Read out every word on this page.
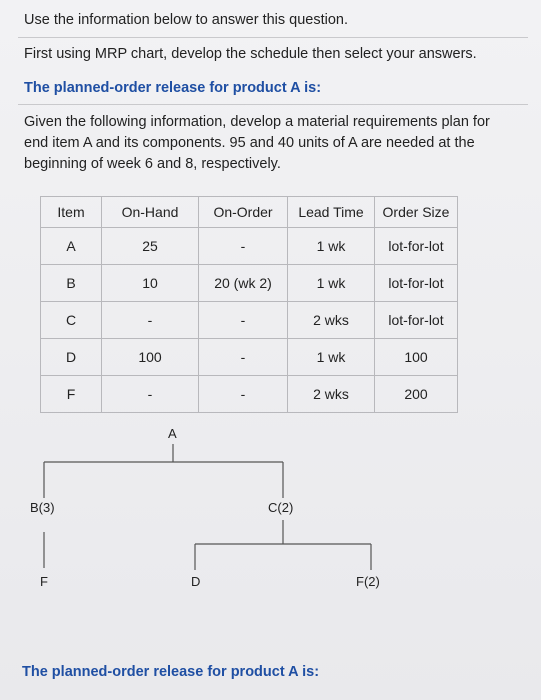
Use the information below to answer this question.
First using MRP chart, develop the schedule then select your answers.
The planned-order release for product A is:
Given the following information, develop a material requirements plan for
end item A and its components. 95 and 40 units of A are needed at the
beginning of week 6 and 8, respectively.
Item	On-Hand	On-Order	Lead Time	Order Size
A	25	-	1 wk	lot-for-lot
B	10	20 (wk 2)	1 wk	lot-for-lot
C	-	-	2 wks	lot-for-lot
D	100	-	1 wk	100
F	-	-	2 wks	200
A
B(3)	C(2)
F	D	F(2)
The planned-order release for product A is:
